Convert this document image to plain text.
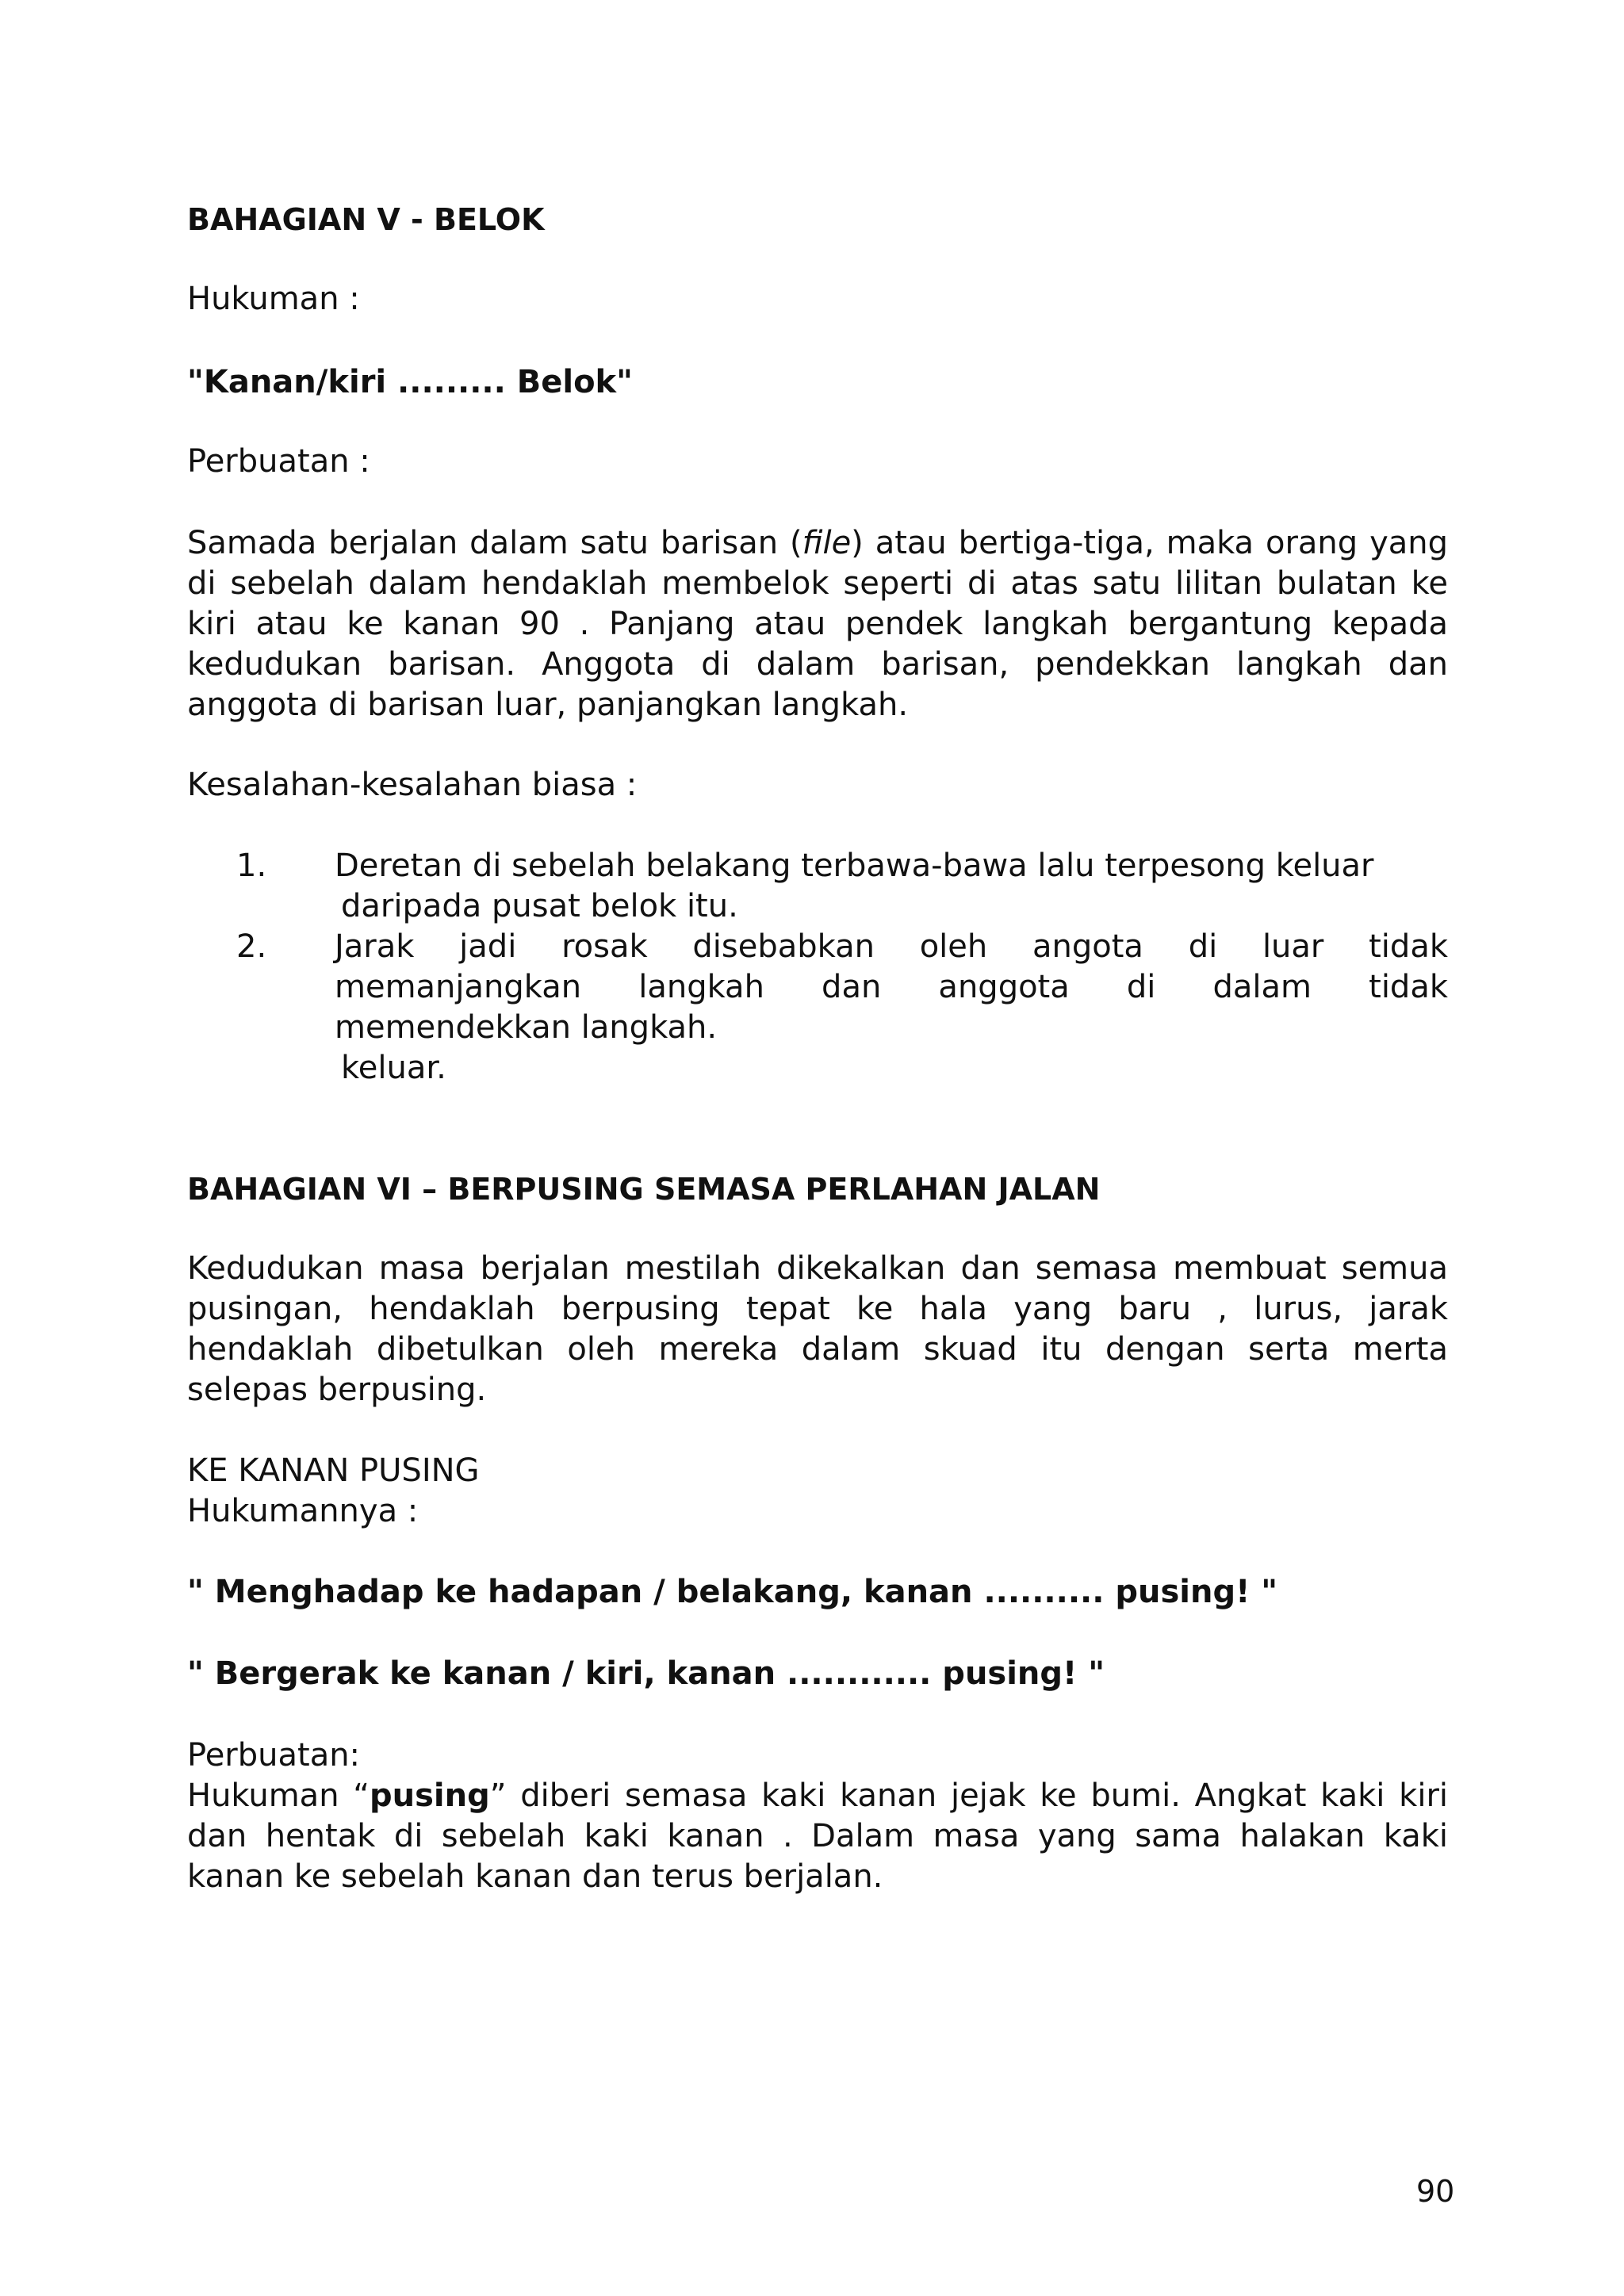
BAHAGIAN V - BELOK
Hukuman :
"Kanan/kiri ......... Belok"
Perbuatan :

Samada berjalan dalam satu barisan (file) atau bertiga-tiga, maka orang yang di sebelah dalam hendaklah membelok seperti di atas satu lilitan bulatan ke kiri atau ke kanan 90 . Panjang atau pendek langkah bergantung kepada kedudukan barisan. Anggota di dalam barisan, pendekkan langkah dan anggota di barisan luar, panjangkan langkah.

Kesalahan-kesalahan biasa :
1. Deretan di sebelah belakang terbawa-bawa lalu terpesong keluar
daripada pusat belok itu.
2. Jarak jadi rosak disebabkan oleh angota di luar tidak
memanjangkan langkah dan anggota di dalam tidak
memendekkan langkah.
keluar.
BAHAGIAN VI – BERPUSING SEMASA PERLAHAN JALAN

Kedudukan masa berjalan mestilah dikekalkan dan semasa membuat semua pusingan, hendaklah berpusing tepat ke hala yang baru , lurus, jarak hendaklah dibetulkan oleh mereka dalam skuad itu dengan serta merta selepas berpusing.

KE KANAN PUSING
Hukumannya :
" Menghadap ke hadapan / belakang, kanan .......... pusing! "
" Bergerak ke kanan / kiri, kanan ............ pusing! "
Perbuatan:

Hukuman “pusing” diberi semasa kaki kanan jejak ke bumi. Angkat kaki kiri dan hentak di sebelah kaki kanan . Dalam masa yang sama halakan kaki kanan ke sebelah kanan dan terus berjalan.

90
